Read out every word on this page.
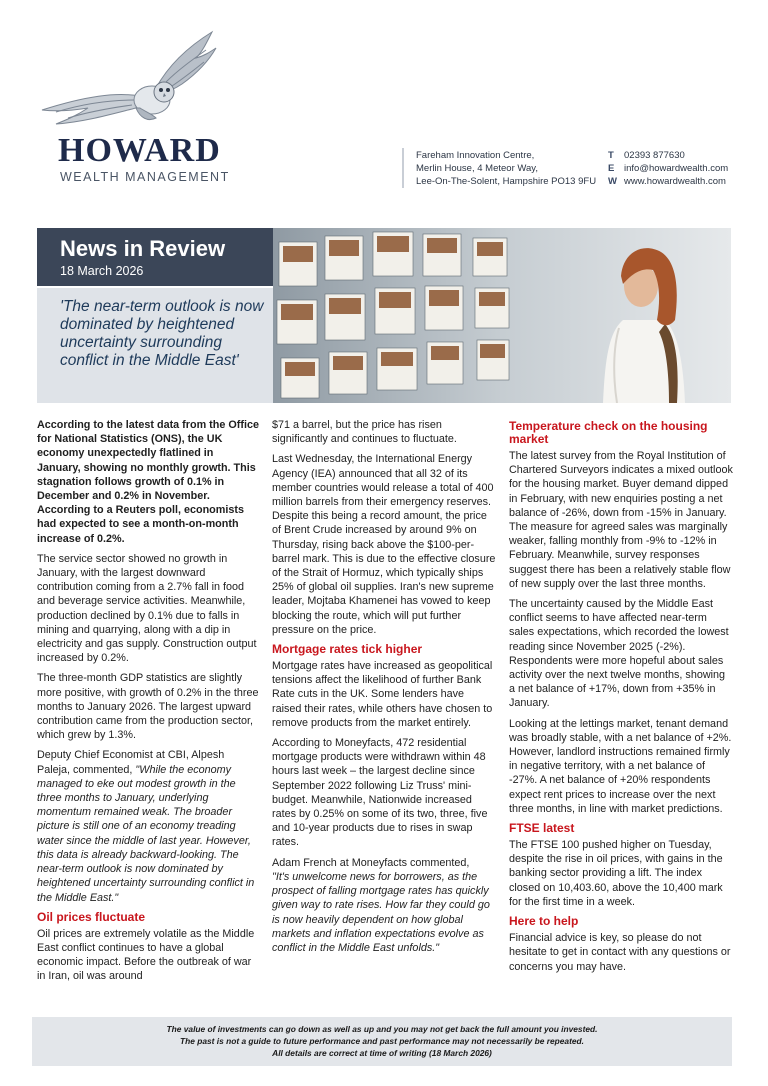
HOWARD
WEALTH MANAGEMENT
Fareham Innovation Centre,
Merlin House, 4 Meteor Way,
Lee-On-The-Solent, Hampshire PO13 9FU
T 02393 877630
E info@howardwealth.com
W www.howardwealth.com
News in Review
18 March 2026
'The near-term outlook is now dominated by heightened uncertainty surrounding conflict in the Middle East'

According to the latest data from the Office for National Statistics (ONS), the UK economy unexpectedly flatlined in January, showing no monthly growth. This stagnation follows growth of 0.1% in December and 0.2% in November. According to a Reuters poll, economists had expected to see a month-on-month increase of 0.2%.

The service sector showed no growth in January, with the largest downward contribution coming from a 2.7% fall in food and beverage service activities. Meanwhile, production declined by 0.1% due to falls in mining and quarrying, along with a dip in electricity and gas supply. Construction output increased by 0.2%.

The three-month GDP statistics are slightly more positive, with growth of 0.2% in the three months to January 2026. The largest upward contribution came from the production sector, which grew by 1.3%.

Deputy Chief Economist at CBI, Alpesh Paleja, commented, "While the economy managed to eke out modest growth in the three months to January, underlying momentum remained weak. The broader picture is still one of an economy treading water since the middle of last year. However, this data is already backward-looking. The near-term outlook is now dominated by heightened uncertainty surrounding conflict in the Middle East."

Oil prices fluctuate

Oil prices are extremely volatile as the Middle East conflict continues to have a global economic impact. Before the outbreak of war in Iran, oil was around

$71 a barrel, but the price has risen significantly and continues to fluctuate.

Last Wednesday, the International Energy Agency (IEA) announced that all 32 of its member countries would release a total of 400 million barrels from their emergency reserves. Despite this being a record amount, the price of Brent Crude increased by around 9% on Thursday, rising back above the $100-per-barrel mark. This is due to the effective closure of the Strait of Hormuz, which typically ships 25% of global oil supplies. Iran's new supreme leader, Mojtaba Khamenei has vowed to keep blocking the route, which will put further pressure on the price.

Mortgage rates tick higher

Mortgage rates have increased as geopolitical tensions affect the likelihood of further Bank Rate cuts in the UK. Some lenders have raised their rates, while others have chosen to remove products from the market entirely.

According to Moneyfacts, 472 residential mortgage products were withdrawn within 48 hours last week – the largest decline since September 2022 following Liz Truss' mini-budget. Meanwhile, Nationwide increased rates by 0.25% on some of its two, three, five and 10-year products due to rises in swap rates.

Adam French at Moneyfacts commented,

"It's unwelcome news for borrowers, as the prospect of falling mortgage rates has quickly given way to rate rises. How far they could go is now heavily dependent on how global markets and inflation expectations evolve as conflict in the Middle East unfolds."

Temperature check on the housing market

The latest survey from the Royal Institution of Chartered Surveyors indicates a mixed outlook for the housing market. Buyer demand dipped in February, with new enquiries posting a net balance of -26%, down from -15% in January. The measure for agreed sales was marginally weaker, falling monthly from -9% to -12% in February. Meanwhile, survey responses suggest there has been a relatively stable flow of new supply over the last three months.

The uncertainty caused by the Middle East conflict seems to have affected near-term sales expectations, which recorded the lowest reading since November 2025 (-2%). Respondents were more hopeful about sales activity over the next twelve months, showing a net balance of +17%, down from +35% in January.

Looking at the lettings market, tenant demand was broadly stable, with a net balance of +2%. However, landlord instructions remained firmly in negative territory, with a net balance of -27%. A net balance of +20% respondents expect rent prices to increase over the next three months, in line with market predictions.

FTSE latest

The FTSE 100 pushed higher on Tuesday, despite the rise in oil prices, with gains in the banking sector providing a lift. The index closed on 10,403.60, above the 10,400 mark for the first time in a week.

Here to help

Financial advice is key, so please do not hesitate to get in contact with any questions or concerns you may have.

The value of investments can go down as well as up and you may not get back the full amount you invested.
The past is not a guide to future performance and past performance may not necessarily be repeated.
All details are correct at time of writing (18 March 2026)
